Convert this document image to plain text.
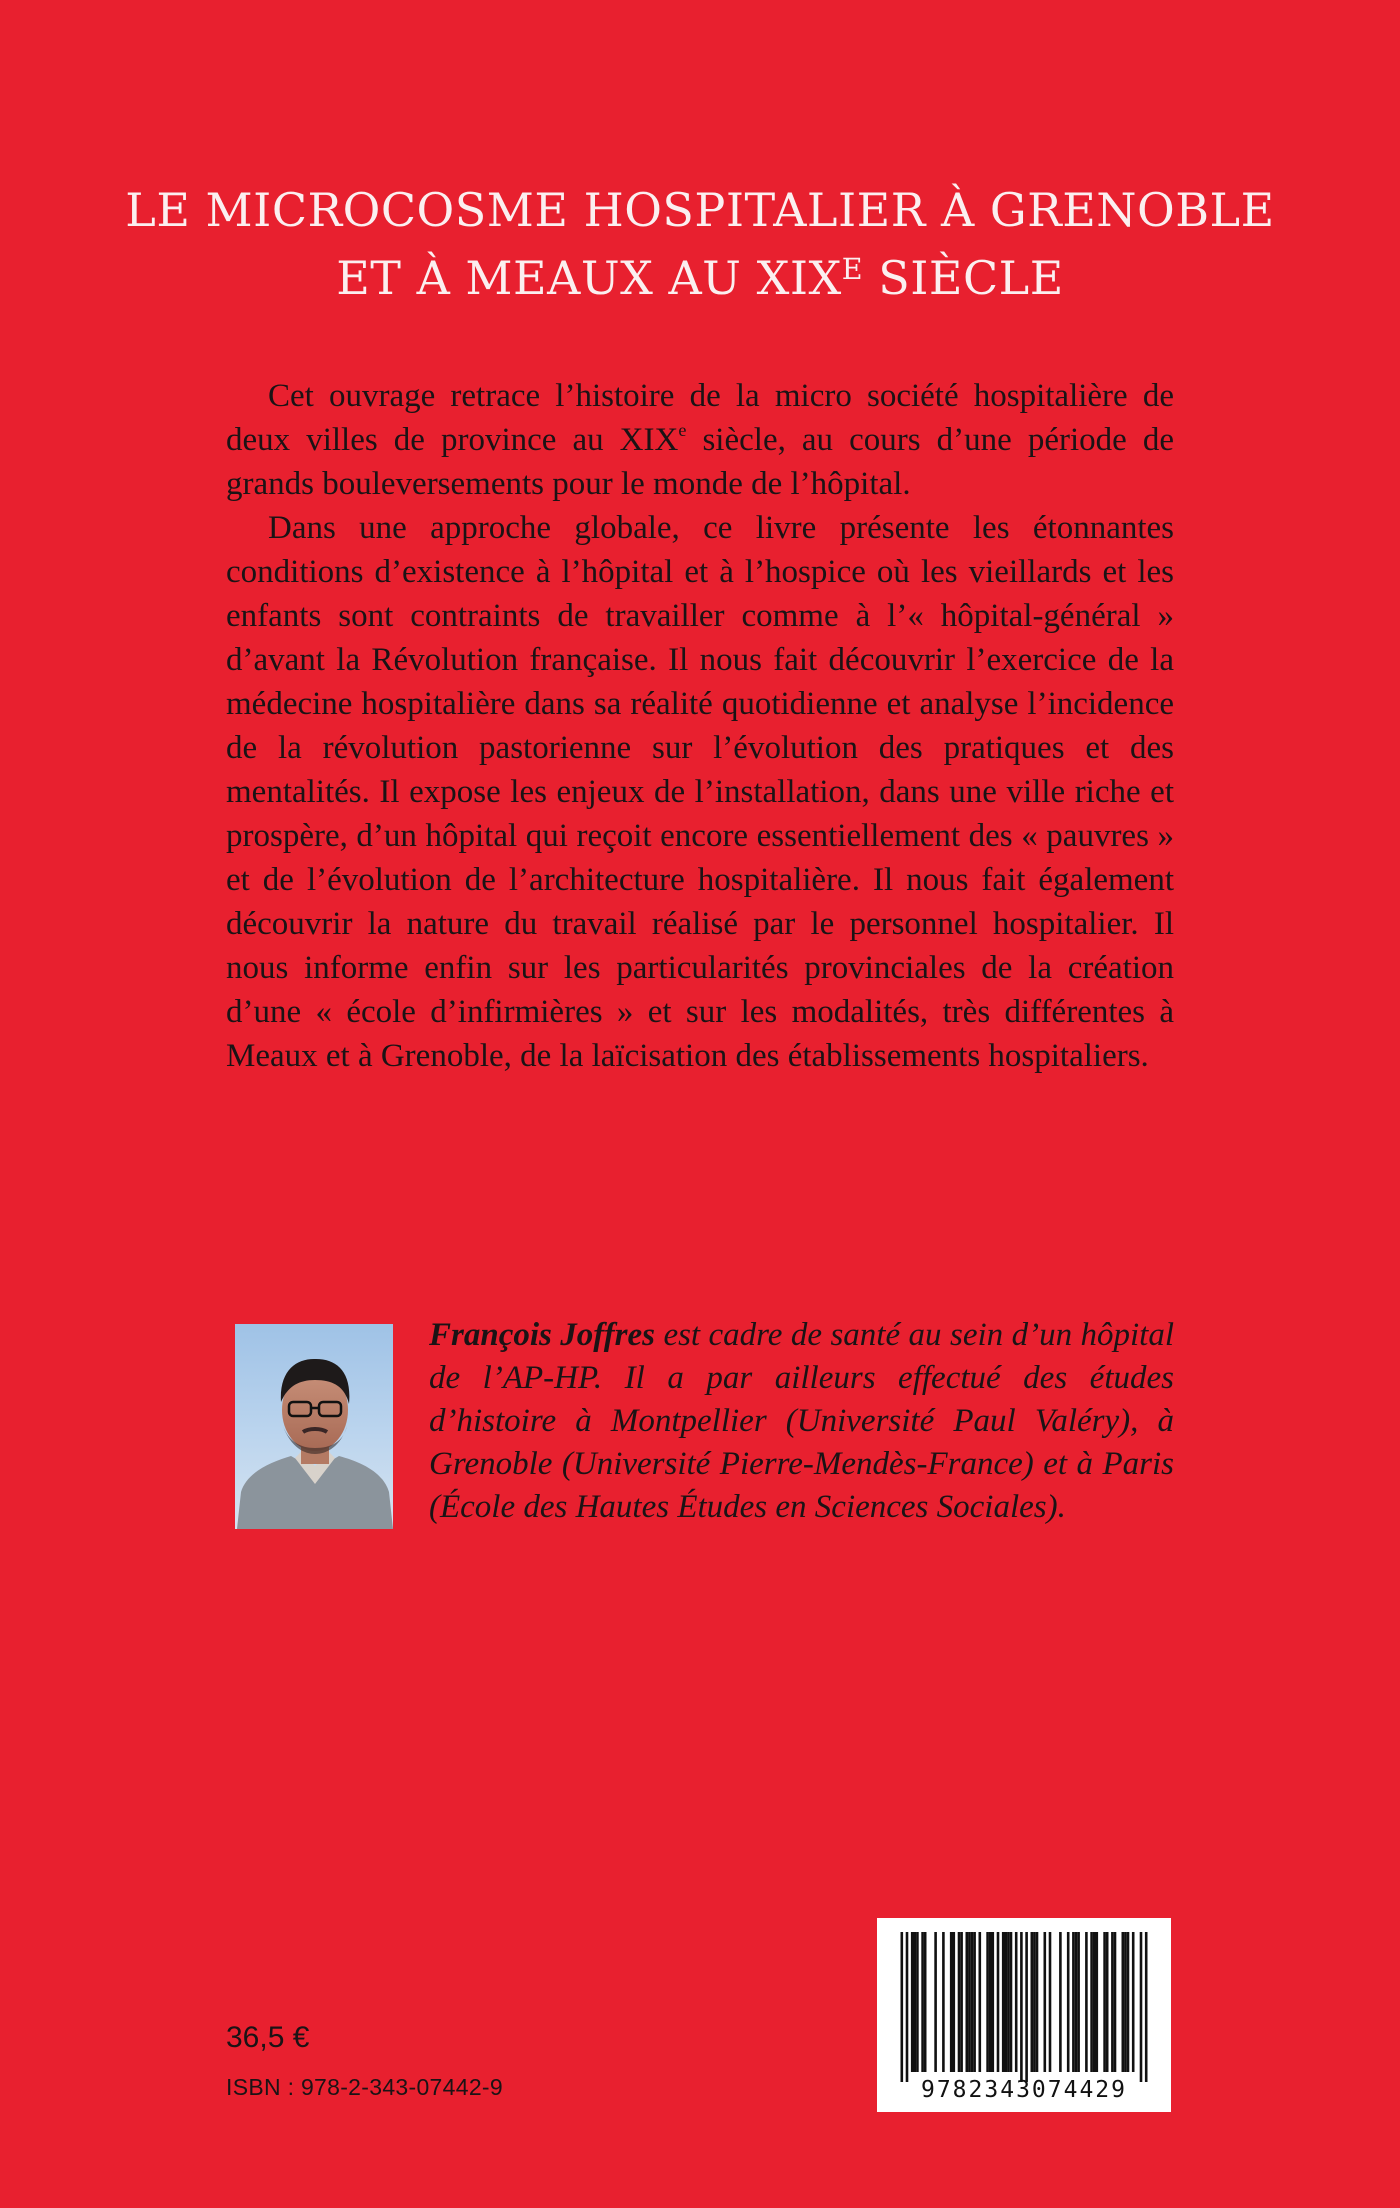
LE MICROCOSME HOSPITALIER À GRENOBLE
ET À MEAUX AU $XIX^E$ SIÈCLE

Cet ouvrage retrace l’histoire de la micro société hospitalière de deux villes de province au XIXe siècle, au cours d’une période de grands bouleversements pour le monde de l’hôpital.

Dans une approche globale, ce livre présente les étonnantes conditions d’existence à l’hôpital et à l’hospice où les vieillards et les enfants sont contraints de travailler comme à l’« hôpital-général » d’avant la Révolution française. Il nous fait découvrir l’exercice de la médecine hospitalière dans sa réalité quotidienne et analyse l’incidence de la révolution pastorienne sur l’évolution des pratiques et des mentalités. Il expose les enjeux de l’installation, dans une ville riche et prospère, d’un hôpital qui reçoit encore essentiellement des « pauvres » et de l’évolution de l’architecture hospitalière. Il nous fait également découvrir la nature du travail réalisé par le personnel hospitalier. Il nous informe enfin sur les particularités provinciales de la création d’une « école d’infirmières » et sur les modalités, très différentes à Meaux et à Grenoble, de la laïcisation des établissements hospitaliers.

François Joffres est cadre de santé au sein d’un hôpital de l’AP-HP. Il a par ailleurs effectué des études d’histoire à Montpellier (Université Paul Valéry), à Grenoble (Université Pierre-Mendès-France) et à Paris (École des Hautes Études en Sciences Sociales).
36,5 €
ISBN : 978-2-343-07442-9	9782343074429
